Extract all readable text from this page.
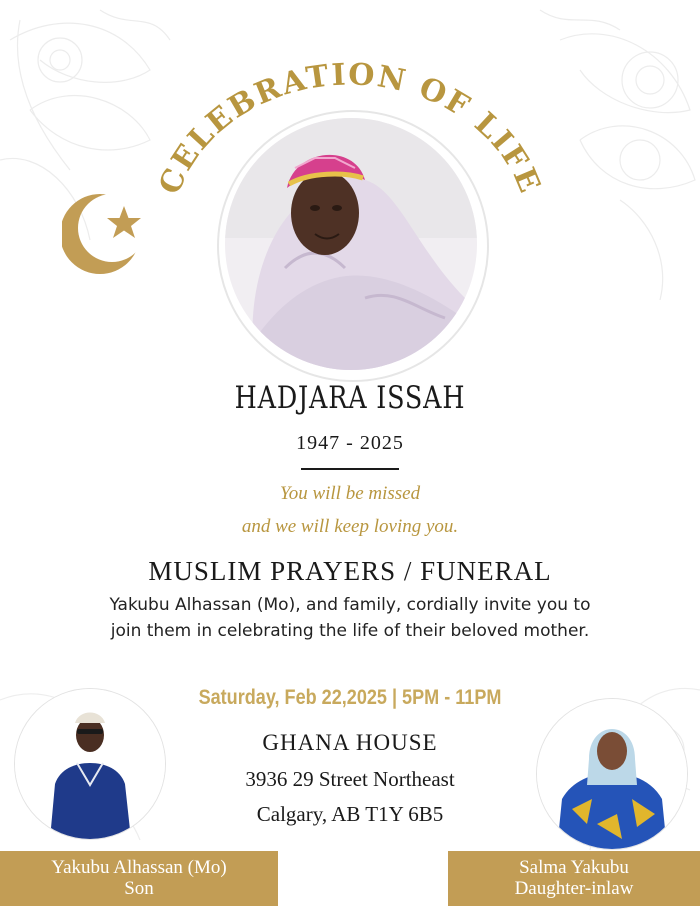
CELEBRATION OF LIFE
HADJARA ISSAH
1947 - 2025
You will be missed
and we will keep loving you.
MUSLIM PRAYERS / FUNERAL
Yakubu Alhassan (Mo), and family, cordially invite you to
join them in celebrating the life of their beloved mother.
Saturday, Feb 22,2025 | 5PM - 11PM
GHANA HOUSE
3936 29 Street Northeast
Calgary, AB T1Y 6B5
Yakubu Alhassan (Mo)
Son
Salma Yakubu
Daughter-inlaw
